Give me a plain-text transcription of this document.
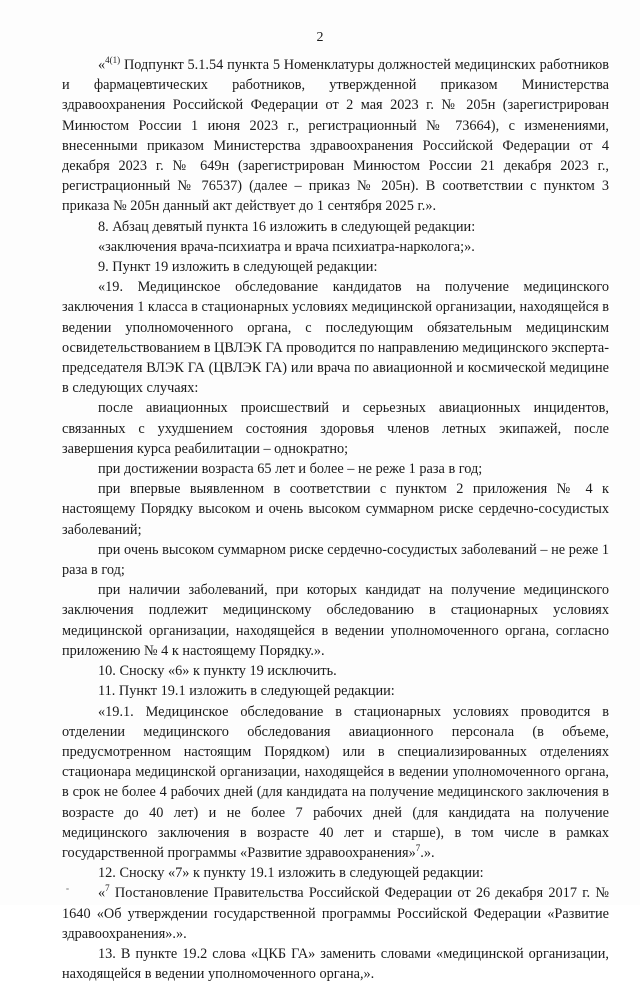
2

«$^{4(1)}$ Подпункт 5.1.54 пункта 5 Номенклатуры должностей медицинских работников и фармацевтических работников, утвержденной приказом Министерства здравоохранения Российской Федерации от 2 мая 2023 г. № 205н (зарегистрирован Минюстом России 1 июня 2023 г., регистрационный № 73664), с изменениями, внесенными приказом Министерства здравоохранения Российской Федерации от 4 декабря 2023 г. № 649н (зарегистрирован Минюстом России 21 декабря 2023 г., регистрационный № 76537) (далее – приказ № 205н). В соответствии с пунктом 3 приказа № 205н данный акт действует до 1 сентября 2025 г.».

8. Абзац девятый пункта 16 изложить в следующей редакции:

«заключения врача-психиатра и врача психиатра-нарколога;».

9. Пункт 19 изложить в следующей редакции:

«19. Медицинское обследование кандидатов на получение медицинского заключения 1 класса в стационарных условиях медицинской организации, находящейся в ведении уполномоченного органа, с последующим обязательным медицинским освидетельствованием в ЦВЛЭК ГА проводится по направлению медицинского эксперта-председателя ВЛЭК ГА (ЦВЛЭК ГА) или врача по авиационной и космической медицине в следующих случаях:

после авиационных происшествий и серьезных авиационных инцидентов, связанных с ухудшением состояния здоровья членов летных экипажей, после завершения курса реабилитации – однократно;

при достижении возраста 65 лет и более – не реже 1 раза в год;

при впервые выявленном в соответствии с пунктом 2 приложения № 4 к настоящему Порядку высоком и очень высоком суммарном риске сердечно-сосудистых заболеваний;

при очень высоком суммарном риске сердечно-сосудистых заболеваний – не реже 1 раза в год;

при наличии заболеваний, при которых кандидат на получение медицинского заключения подлежит медицинскому обследованию в стационарных условиях медицинской организации, находящейся в ведении уполномоченного органа, согласно приложению № 4 к настоящему Порядку.».

10. Сноску «6» к пункту 19 исключить.

11. Пункт 19.1 изложить в следующей редакции:

«19.1. Медицинское обследование в стационарных условиях проводится в отделении медицинского обследования авиационного персонала (в объеме, предусмотренном настоящим Порядком) или в специализированных отделениях стационара медицинской организации, находящейся в ведении уполномоченного органа, в срок не более 4 рабочих дней (для кандидата на получение медицинского заключения в возрасте до 40 лет) и не более 7 рабочих дней (для кандидата на получение медицинского заключения в возрасте 40 лет и старше), в том числе в рамках государственной программы «Развитие здравоохранения»$^7$.».

12. Сноску «7» к пункту 19.1 изложить в следующей редакции:

«$^7$ Постановление Правительства Российской Федерации от 26 декабря 2017 г. № 1640 «Об утверждении государственной программы Российской Федерации «Развитие здравоохранения».».

13. В пункте 19.2 слова «ЦКБ ГА» заменить словами «медицинской организации, находящейся в ведении уполномоченного органа,».
